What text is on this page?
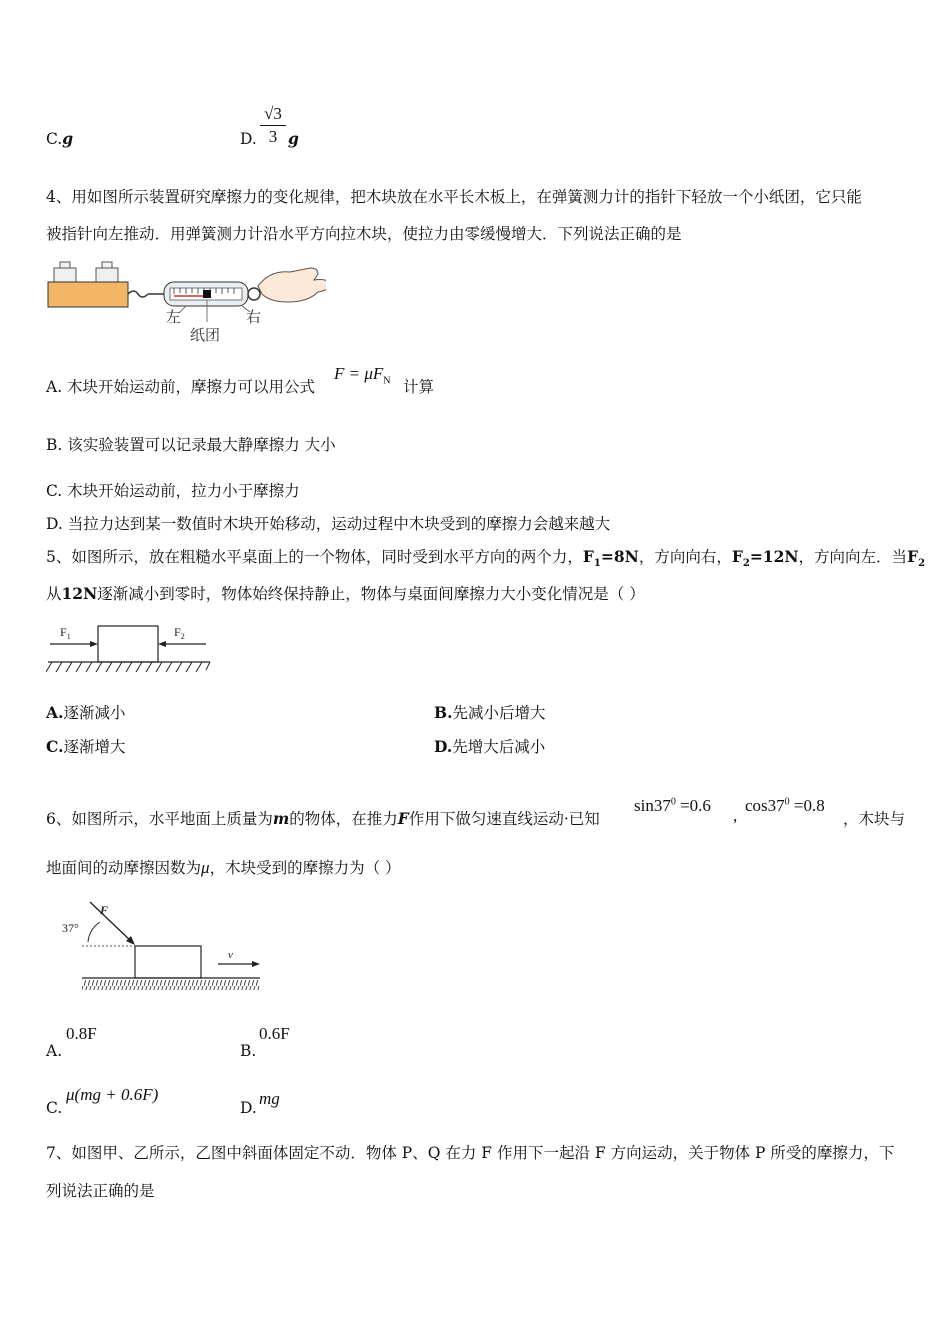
C.g	D.
√3
3 g
4、用如图所示装置研究摩擦力的变化规律，把木块放在水平长木板上，在弹簧测力计的指针下轻放一个小纸团，它只能
被指针向左推动．用弹簧测力计沿水平方向拉木块，使拉力由零缓慢增大．下列说法正确的是
左	右
纸团
A. 木块开始运动前，摩擦力可以用公式
$F = \mu F_N$ 计算
B. 该实验装置可以记录最大静摩擦力 大小
C. 木块开始运动前，拉力小于摩擦力
D. 当拉力达到某一数值时木块开始移动，运动过程中木块受到的摩擦力会越来越大
5、如图所示，放在粗糙水平桌面上的一个物体，同时受到水平方向的两个力，$F_1=8N$，方向向右，$F_2=12N$，方向向左．当$F_2$
从12N逐渐减小到零时，物体始终保持静止，物体与桌面间摩擦力大小变化情况是（ ）
$F_1$	$F_2$
A.逐渐减小	B.先减小后增大
C.逐渐增大	D.先增大后减小
6、如图所示，水平地面上质量为m的物体，在推力F作用下做匀速直线运动·已知
$\sin 37^0 =0.6$
,
$\cos 37^0 =0.8$
，木块与
地面间的动摩擦因数为μ，木块受到的摩擦力为（ ）
37°
F
v
A.
0.8F
B.
0.6F
C.
μ(mg + 0.6F)
D. mg
7、如图甲、乙所示，乙图中斜面体固定不动．物体 P、Q 在力 F 作用下一起沿 F 方向运动，关于物体 P 所受的摩擦力，下
列说法正确的是
